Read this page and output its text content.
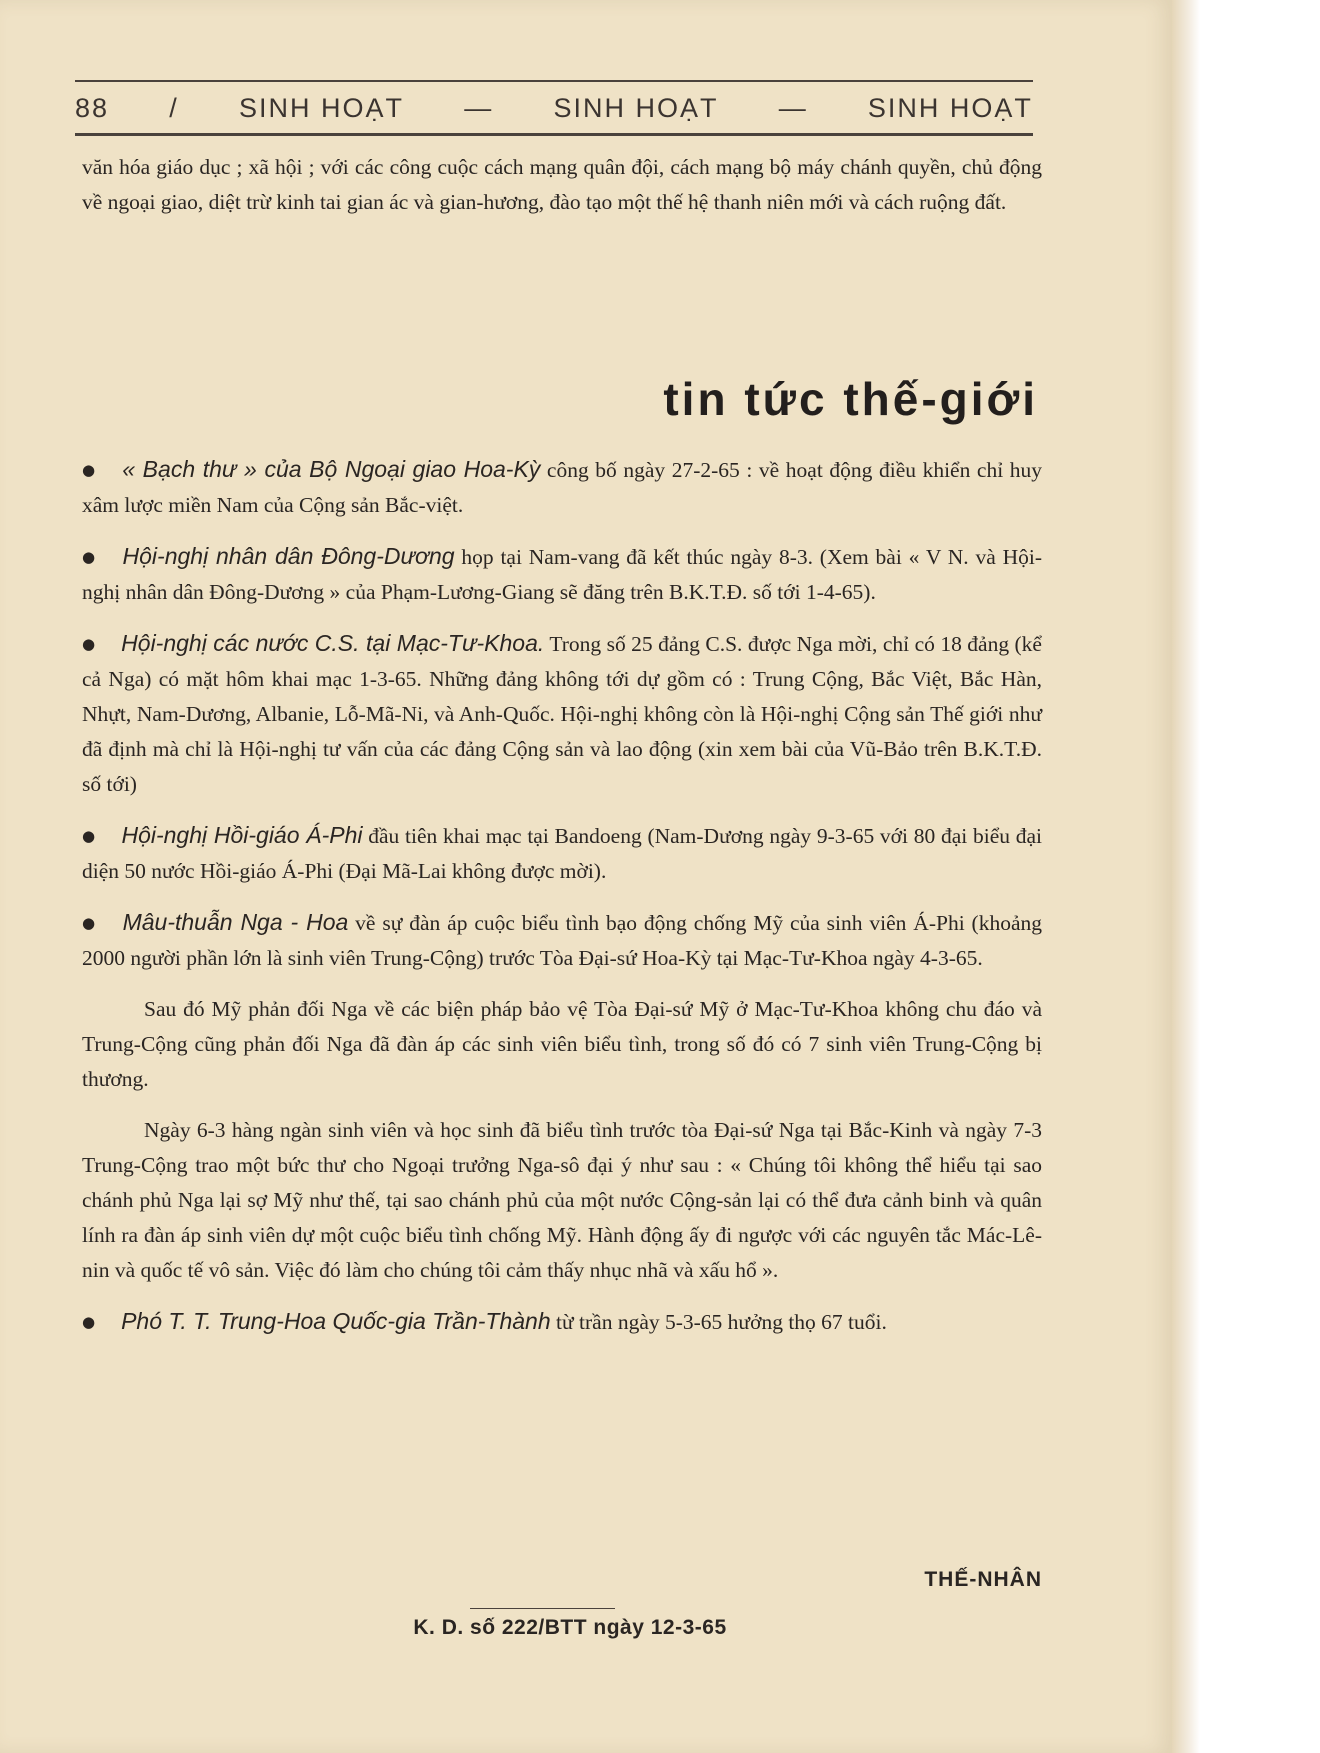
88 / SINH HOẠT — SINH HOẠT — SINH HOẠT

văn hóa giáo dục ; xã hội ; với các công cuộc cách mạng quân đội, cách mạng bộ máy chánh quyền, chủ động về ngoại giao, diệt trừ kinh tai gian ác và gian-hương, đào tạo một thế hệ thanh niên mới và cách ruộng đất.

tin tức thế-giới

● « Bạch thư » của Bộ Ngoại giao Hoa-Kỳ công bố ngày 27-2-65 : về hoạt động điều khiển chỉ huy xâm lược miền Nam của Cộng sản Bắc-việt.

● Hội-nghị nhân dân Đông-Dương họp tại Nam-vang đã kết thúc ngày 8-3. (Xem bài « V N. và Hội-nghị nhân dân Đông-Dương » của Phạm-Lương-Giang sẽ đăng trên B.K.T.Đ. số tới 1-4-65).

● Hội-nghị các nước C.S. tại Mạc-Tư-Khoa. Trong số 25 đảng C.S. được Nga mời, chỉ có 18 đảng (kể cả Nga) có mặt hôm khai mạc 1-3-65. Những đảng không tới dự gồm có : Trung Cộng, Bắc Việt, Bắc Hàn, Nhựt, Nam-Dương, Albanie, Lỗ-Mã-Ni, và Anh-Quốc. Hội-nghị không còn là Hội-nghị Cộng sản Thế giới như đã định mà chỉ là Hội-nghị tư vấn của các đảng Cộng sản và lao động (xin xem bài của Vũ-Bảo trên B.K.T.Đ. số tới)

● Hội-nghị Hồi-giáo Á-Phi đầu tiên khai mạc tại Bandoeng (Nam-Dương ngày 9-3-65 với 80 đại biểu đại diện 50 nước Hồi-giáo Á-Phi (Đại Mã-Lai không được mời).

● Mâu-thuẫn Nga - Hoa về sự đàn áp cuộc biểu tình bạo động chống Mỹ của sinh viên Á-Phi (khoảng 2000 người phần lớn là sinh viên Trung-Cộng) trước Tòa Đại-sứ Hoa-Kỳ tại Mạc-Tư-Khoa ngày 4-3-65.

Sau đó Mỹ phản đối Nga về các biện pháp bảo vệ Tòa Đại-sứ Mỹ ở Mạc-Tư-Khoa không chu đáo và Trung-Cộng cũng phản đối Nga đã đàn áp các sinh viên biểu tình, trong số đó có 7 sinh viên Trung-Cộng bị thương.

Ngày 6-3 hàng ngàn sinh viên và học sinh đã biểu tình trước tòa Đại-sứ Nga tại Bắc-Kinh và ngày 7-3 Trung-Cộng trao một bức thư cho Ngoại trưởng Nga-sô đại ý như sau : « Chúng tôi không thể hiểu tại sao chánh phủ Nga lại sợ Mỹ như thế, tại sao chánh phủ của một nước Cộng-sản lại có thể đưa cảnh binh và quân lính ra đàn áp sinh viên dự một cuộc biểu tình chống Mỹ. Hành động ấy đi ngược với các nguyên tắc Mác-Lê-nin và quốc tế vô sản. Việc đó làm cho chúng tôi cảm thấy nhục nhã và xấu hổ ».

● Phó T. T. Trung-Hoa Quốc-gia Trần-Thành từ trần ngày 5-3-65 hưởng thọ 67 tuổi.

THẾ-NHÂN
K. D. số 222/BTT ngày 12-3-65
